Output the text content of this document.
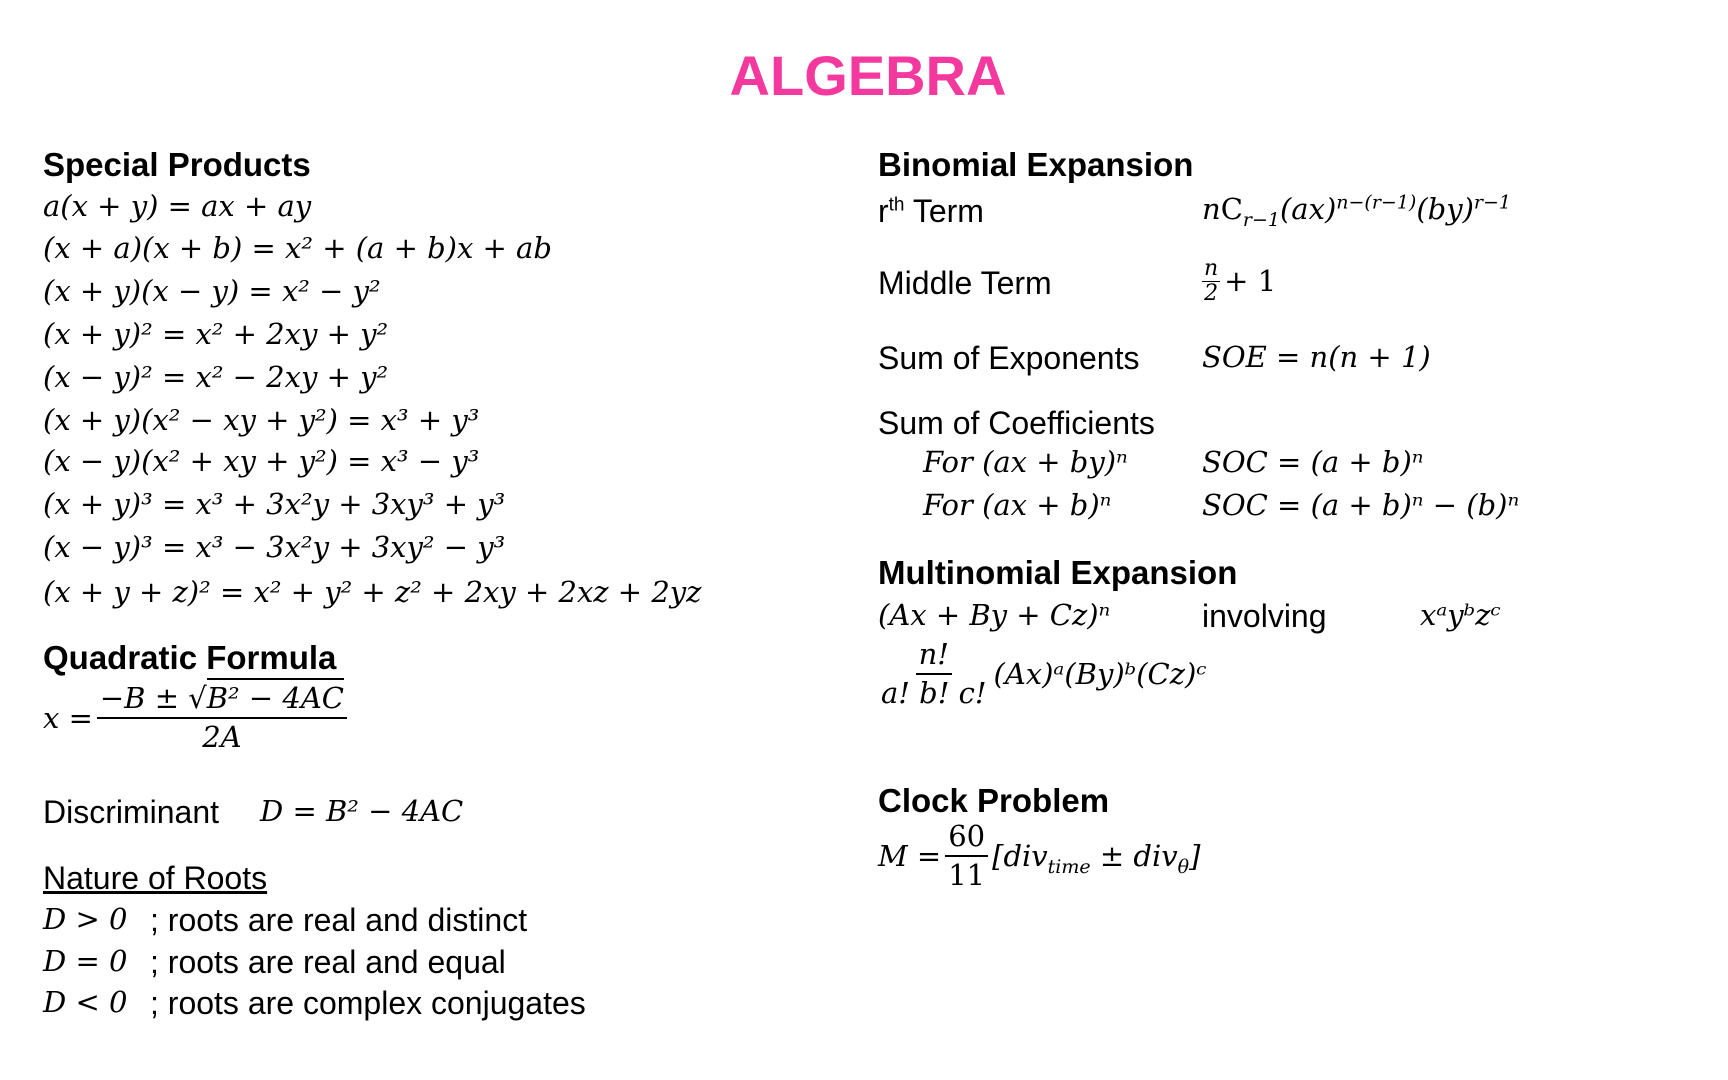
ALGEBRA
Special Products
a(x + y) = ax + ay
(x + a)(x + b) = x² + (a + b)x + ab
(x + y)(x − y) = x² − y²
(x + y)² = x² + 2xy + y²
(x − y)² = x² − 2xy + y²
(x + y)(x² − xy + y²) = x³ + y³
(x − y)(x² + xy + y²) = x³ − y³
(x + y)³ = x³ + 3x²y + 3xy³ + y³
(x − y)³ = x³ − 3x²y + 3xy² − y³
(x + y + z)² = x² + y² + z² + 2xy + 2xz + 2yz
Quadratic Formula
$x = \frac{\text{−B ± √B² − 4AC}}{2A}$
Discriminant D = B² − 4AC
Nature of Roots
D > 0 ; roots are real and distinct
D = 0 ; roots are real and equal
D < 0 ; roots are complex conjugates
Binomial Expansion
$r^{th}$ Term	$nC_{r-1}(ax)^{n-(r-1)}(by)^{r-1}$
Middle Term	$\frac{n}{2} + 1$
Sum of Exponents SOE = n(n + 1)
Sum of Coefficients
For (ax + by)ⁿ	SOC = (a + b)ⁿ
For (ax + b)ⁿ	SOC = (a + b)ⁿ − (b)ⁿ
Multinomial Expansion
(Ax + By + Cz)ⁿ	involving	xᵃyᵇzᶜ
$\frac{n!}{a! b! c!}$ (Ax)ᵃ(By)ᵇ(Cz)ᶜ
Clock Problem
$M = \frac{60}{11} [div_{time} \pm div_\theta]$
